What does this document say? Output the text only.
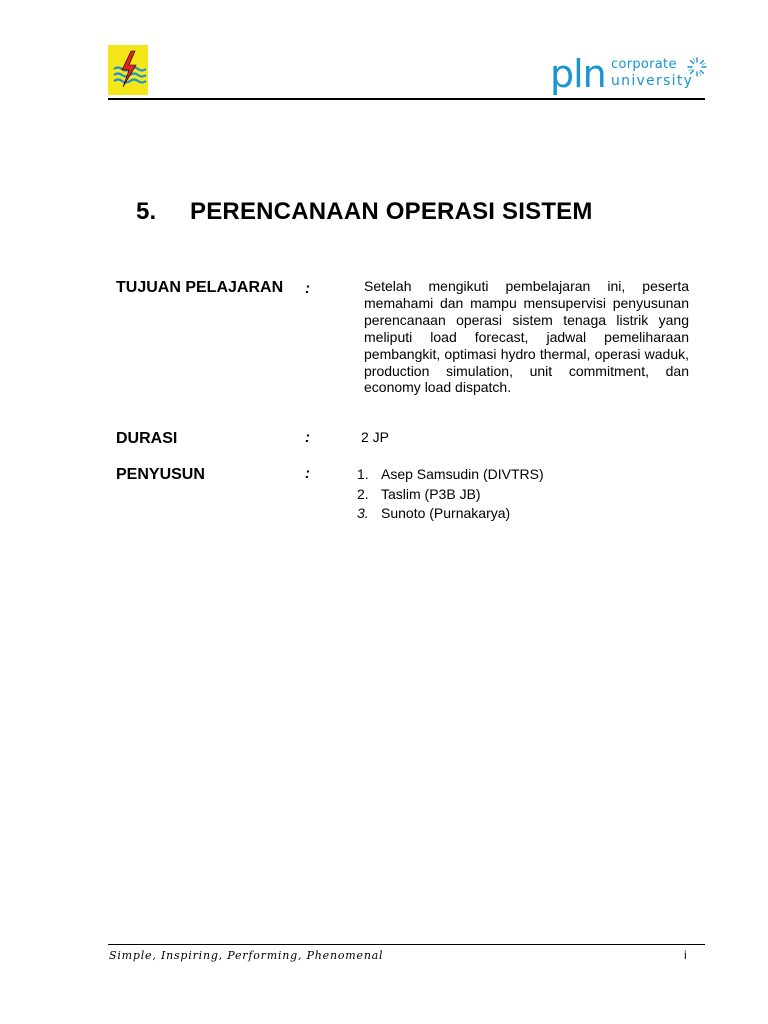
pln corporate
university
5. PERENCANAAN OPERASI SISTEM
TUJUAN PELAJARAN :	Setelah mengikuti pembelajaran ini, peserta memahami dan mampu mensupervisi penyusunan perencanaan operasi sistem tenaga listrik yang meliputi load forecast, jadwal pemeliharaan pembangkit, optimasi hydro thermal, operasi waduk, production simulation, unit commitment, dan economy load dispatch.
DURASI	:	2 JP
PENYUSUN	:	1. Asep Samsudin (DIVTRS)
2. Taslim (P3B JB)
3. Sunoto (Purnakarya)
Simple, Inspiring, Performing, Phenomenal	i
